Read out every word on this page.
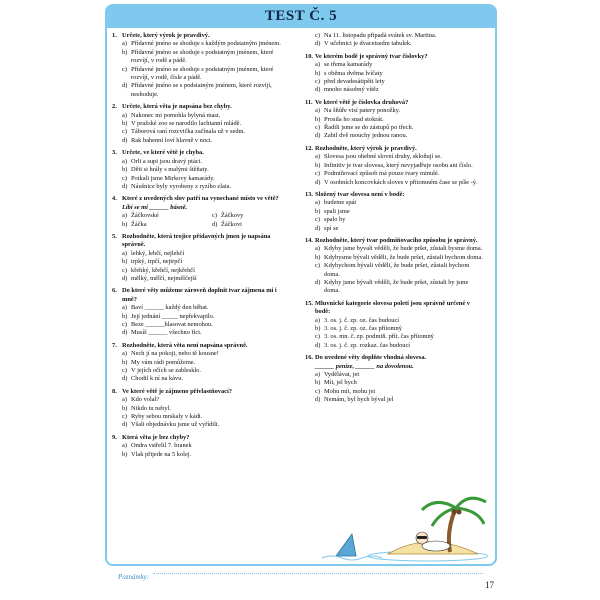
TEST Č. 5
1. Určete, který výrok je pravdivý.
a) Přídavné jméno se shoduje s každým podstatným jménem.
b) Přídavné jméno se shoduje s podstatným jménem, které rozvíjí, v rodě a pádě.
c) Přídavné jméno se shoduje s podstatným jménem, které rozvíjí, v rodě, čísle a pádě.
d) Přídavné jméno se s podstatným jménem, které rozvíjí, neshoduje.
2. Určete, která věta je napsána bez chyby.
a) Nakonec mi pomohla bylyná mast.
b) V pražské zoo se narodilo lachtanní mládě.
c) Táborová raní rozcvička začínala už v sedm.
d) Rak bahenní loví hlavně v noci.
3. Určete, ve které větě je chyba.
a) Orli a supi jsou dravý ptáci.
b) Děti si hrály s malými štěňaty.
c) Potkali jsme Mirkovy kamarády.
d) Náušnice byly vyrobeny z ryzího zlata.
4. Které z uvedených slov patří na vynechané místo ve větě?
Líbí se mi ______ básně.
a) Žáčkovské	c) Žáčkovy
b) Žáčka	d) Žáčkovi
5. Rozhodněte, která trojice přídavných jmen je napsána správně.
a) lehký, lehčí, nejlehčí
b) trpký, trpčí, nejtrpčí
c) křehký, křehčí, nejkřehčí
d) mělký, mělčí, nejmělčejší
6. Do které věty můžeme zároveň doplnit tvar zájmena mi i mně?
a) Baví ______ každý den běhat.
b) Její jednání _____ nepřekvapilo.
c) Beze ______hlasovat nemohou.
d) Musíš ______ všechno říct.
7. Rozhodněte, která věta není napsána správně.
a) Nech jí na pokoji, nebo tě kousne!
b) My vám rádi pomůžeme.
c) V jejích očích se zablesklo.
d) Chodil k ní na kávu.
8. Ve které větě je zájmeno přivlastňovací?
a) Kdo volal?
b) Nikdo tu nebyl.
c) Ryby sebou mrskaly v kádi.
d) Všali objednávku jsme už vyřídili.
9. Která věta je bez chyby?
a) Ondra vstřelil 7. branek
b) Vlak přijede na 5 kolej.
c) Na 11. listopadu připadá svátek sv. Martina.
d) V učebnici je dvacetsedm tabulek.
10. Ve kterém bodě je správný tvar číslovky?
a) se třema kamarády
b) s oběma dvěma lvíčaty
c) před devadesátipěti lety
d) mnoho násobný vítěz
11. Ve které větě je číslovka druhová?
a) Na šňůře visí patery ponožky.
b) Prosila ho snad stokrát.
c) Řadili jsme se do zástupů po třech.
d) Zabil dvě mouchy jednou ranou.
12. Rozhodněte, který výrok je pravdivý.
a) Slovesa jsou ohebné slovní druhy, skloňují se.
b) Infinitiv je tvar slovesa, který nevyjadřuje osobu ani číslo.
c) Podmiňovací způsob má pouze tvary minulé.
d) V osobních koncovkách sloves v přítomném čase se píše -ý.
13. Složený tvar slovesa není v bodě:
a) budeme spát
b) spali jsme
c) spalo by
d) spí se
14. Rozhodněte, který tvar podmiňovacího způsobu je správný.
a) Kdyby jsme byvali věděli, že bude pršet, zůstali bysme doma.
b) Kdybysme bývali věděli, že bude pršet, zůstali bychom doma.
c) Kdybychom bývali věděli, že bude pršet, zůstali bychom doma.
d) Kdyby jsme bývali věděli, že bude pršet, zůstali by jsme doma.
15. Mluvnické kategorie slovesa poletí jsou správně určené v bodě:
a) 3. os. j. č. zp. oz. čas budoucí
b) 3. os. j. č. zp. oz. čas přítomný
c) 3. os. mn. č. zp. podmiň. přít. čas přítomný
d) 3. os. j. č. zp. rozkaz. čas budoucí
16. Do uvedené věty doplňte vhodná slovesa.
______ peníze, ______ na dovolenou.
a) Vydělávat, jet
b) Mít, jel bych
c) Mohu mít, mohu jet
d) Nemám, byl bych býval jel
Poznámky:
17
